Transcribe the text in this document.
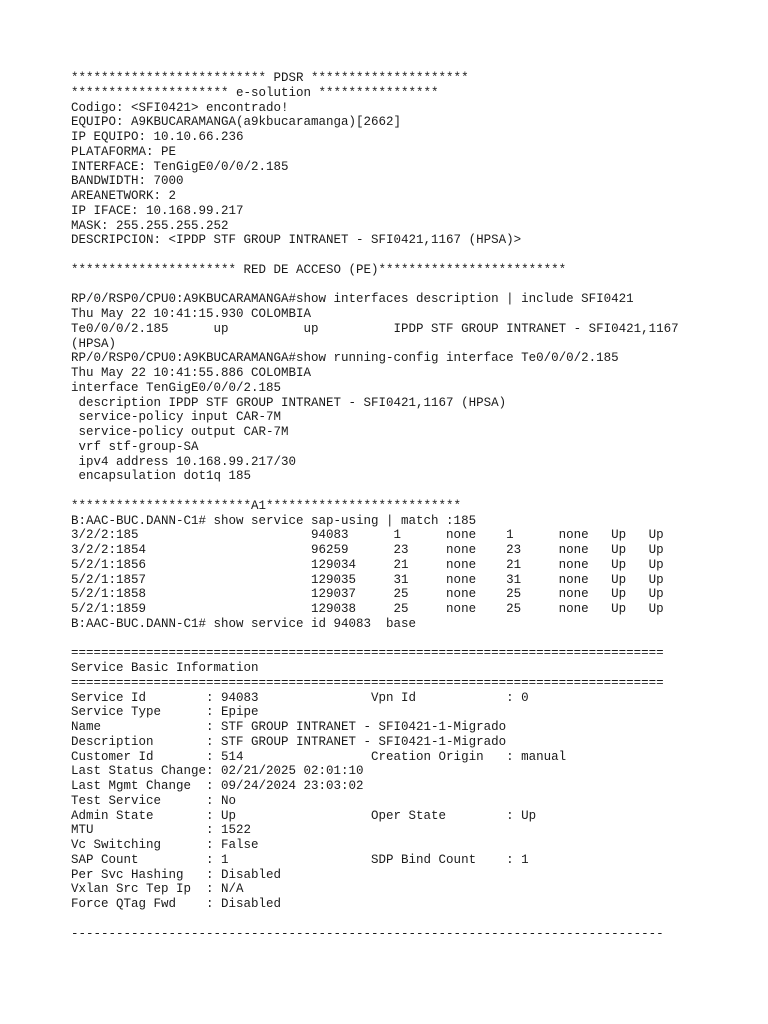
************************** PDSR *********************
********************* e-solution ****************
Codigo: <SFI0421> encontrado!
EQUIPO: A9KBUCARAMANGA(a9kbucaramanga)[2662]
IP EQUIPO: 10.10.66.236
PLATAFORMA: PE
INTERFACE: TenGigE0/0/0/2.185
BANDWIDTH: 7000
AREANETWORK: 2
IP IFACE: 10.168.99.217
MASK: 255.255.255.252
DESCRIPCION: <IPDP STF GROUP INTRANET - SFI0421,1167 (HPSA)>
********************** RED DE ACCESO (PE)*************************
RP/0/RSP0/CPU0:A9KBUCARAMANGA#show interfaces description | include SFI0421
Thu May 22 10:41:15.930 COLOMBIA
Te0/0/0/2.185      up          up          IPDP STF GROUP INTRANET - SFI0421,1167
(HPSA)
RP/0/RSP0/CPU0:A9KBUCARAMANGA#show running-config interface Te0/0/0/2.185
Thu May 22 10:41:55.886 COLOMBIA
interface TenGigE0/0/0/2.185
description IPDP STF GROUP INTRANET - SFI0421,1167 (HPSA)
service-policy input CAR-7M
service-policy output CAR-7M
vrf stf-group-SA
ipv4 address 10.168.99.217/30
encapsulation dot1q 185
************************A1**************************
B:AAC-BUC.DANN-C1# show service sap-using | match :185
3/2/2:185                       94083      1      none    1      none   Up   Up
3/2/2:1854                      96259      23     none    23     none   Up   Up
5/2/1:1856                      129034     21     none    21     none   Up   Up
5/2/1:1857                      129035     31     none    31     none   Up   Up
5/2/1:1858                      129037     25     none    25     none   Up   Up
5/2/1:1859                      129038     25     none    25     none   Up   Up
B:AAC-BUC.DANN-C1# show service id 94083  base
===============================================================================
Service Basic Information
===============================================================================
Service Id        : 94083               Vpn Id            : 0
Service Type      : Epipe
Name              : STF GROUP INTRANET - SFI0421-1-Migrado
Description       : STF GROUP INTRANET - SFI0421-1-Migrado
Customer Id       : 514                 Creation Origin   : manual
Last Status Change: 02/21/2025 02:01:10
Last Mgmt Change  : 09/24/2024 23:03:02
Test Service      : No
Admin State       : Up                  Oper State        : Up
MTU               : 1522
Vc Switching      : False
SAP Count         : 1                   SDP Bind Count    : 1
Per Svc Hashing   : Disabled
Vxlan Src Tep Ip  : N/A
Force QTag Fwd    : Disabled
-------------------------------------------------------------------------------
